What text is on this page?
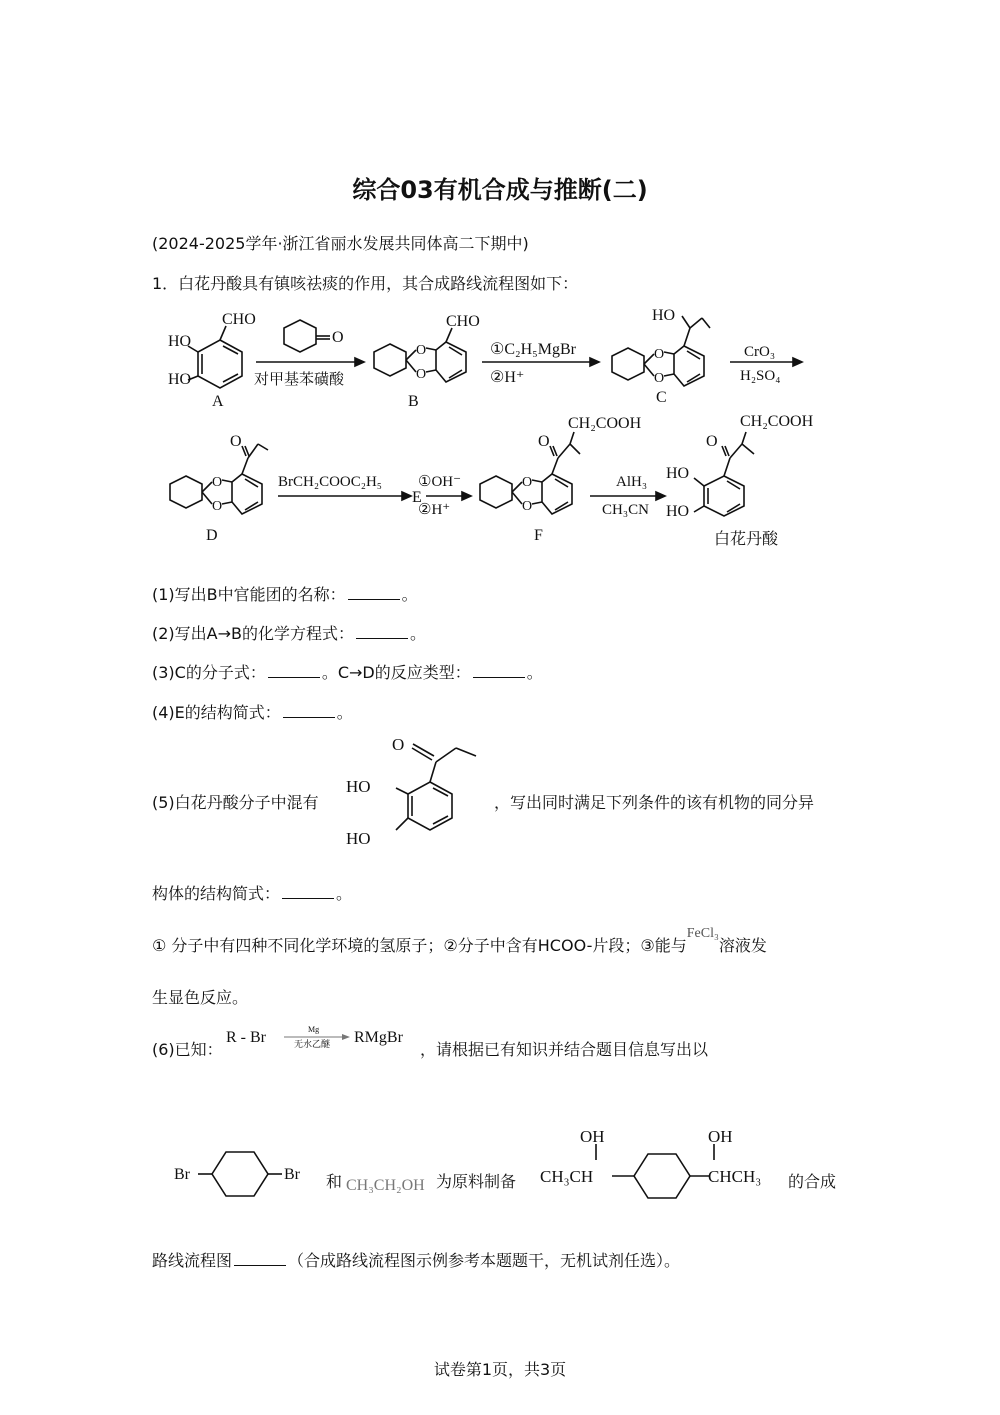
综合03有机合成与推断(二)
(2024-2025学年·浙江省丽水发展共同体高二下期中)
1．白花丹酸具有镇咳祛痰的作用，其合成路线流程图如下：
CHO
HO
HO
A
O
对甲基苯磺酸
CHO
O
O
B
①C₂H₅MgBr
②H⁺
HO
O
O
C
CrO₃
H₂SO₄
O
O
O
D
BrCH₂COOC₂H₅
E
①OH⁻
②H⁺
CH₂COOH
O
O
O
F
AlH₃
CH₃CN
CH₂COOH
O
HO
HO
白花丹酸
(1)写出B中官能团的名称：	。
(2)写出A→B的化学方程式：	。
(3)C的分子式：	。C→D的反应类型：	。
(4)E的结构简式：	。
(5)白花丹酸分子中混有
O
HO
HO
，写出同时满足下列条件的该有机物的同分异
构体的结构简式：	。
① 分子中有四种不同化学环境的氢原子；②分子中含有HCOO-片段；③能与FeCl₃溶液发
生显色反应。
(6)已知：
R - Br	Mg
无水乙醚 RMgBr
，请根据已有知识并结合题目信息写出以
Br	Br 和 CH₃CH₂OH 为原料制备
OH	OH
CH₃CH	CHCH₃ 的合成
路线流程图	（合成路线流程图示例参考本题题干，无机试剂任选）。
试卷第1页，共3页
